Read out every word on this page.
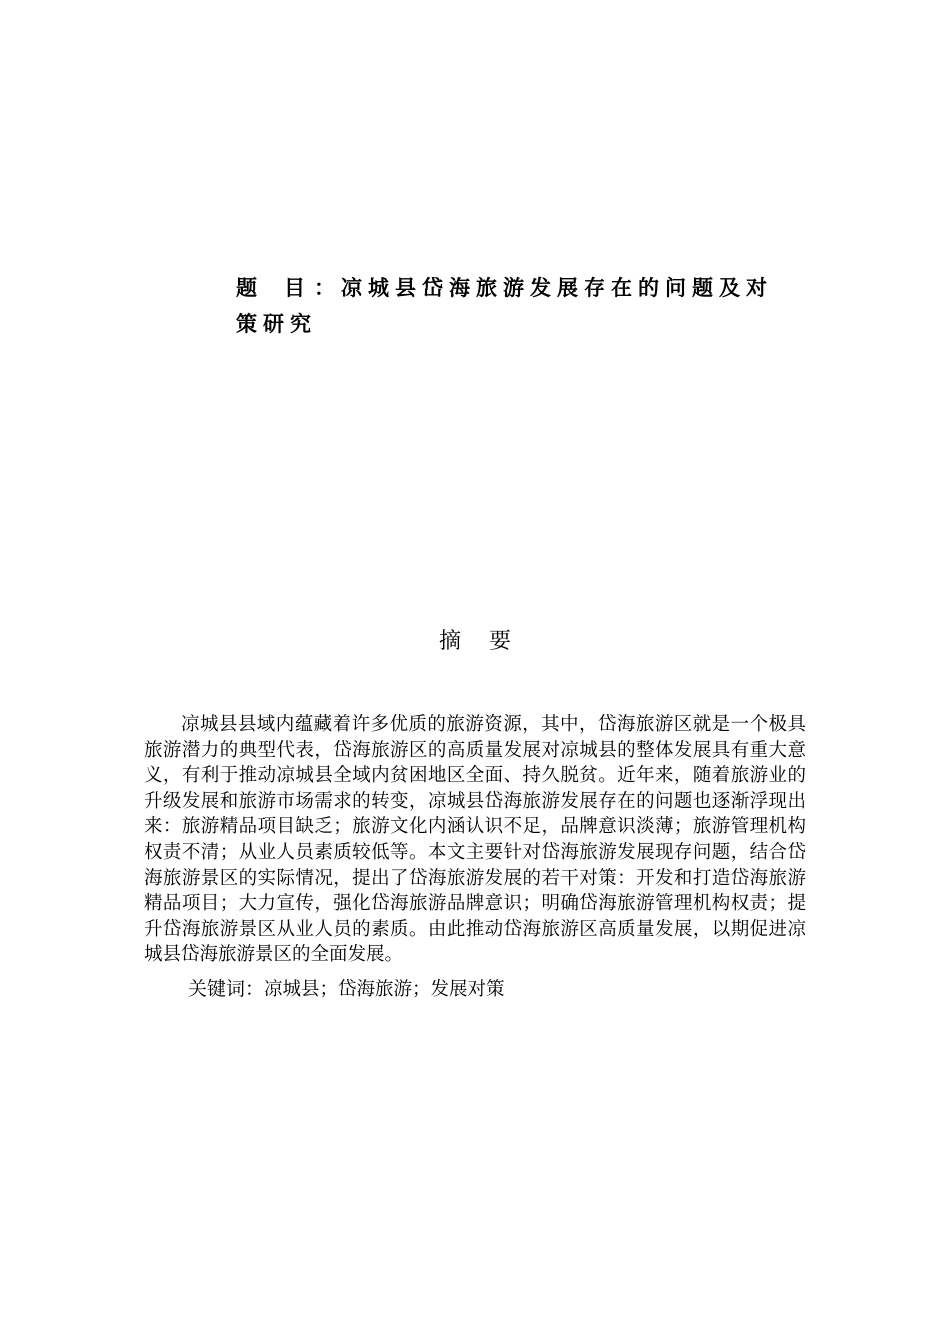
题 目 ：凉城县岱海旅游发展存在的问题及对策研究
摘要

凉城县县域内蕴藏着许多优质的旅游资源，其中，岱海旅游区就是一个极具旅游潜力的典型代表，岱海旅游区的高质量发展对凉城县的整体发展具有重大意义，有利于推动凉城县全域内贫困地区全面、持久脱贫。近年来，随着旅游业的升级发展和旅游市场需求的转变，凉城县岱海旅游发展存在的问题也逐渐浮现出来：旅游精品项目缺乏；旅游文化内涵认识不足，品牌意识淡薄；旅游管理机构权责不清；从业人员素质较低等。本文主要针对岱海旅游发展现存问题，结合岱海旅游景区的实际情况，提出了岱海旅游发展的若干对策：开发和打造岱海旅游精品项目；大力宣传，强化岱海旅游品牌意识；明确岱海旅游管理机构权责；提升岱海旅游景区从业人员的素质。由此推动岱海旅游区高质量发展，以期促进凉城县岱海旅游景区的全面发展。

关键词：凉城县；岱海旅游；发展对策
